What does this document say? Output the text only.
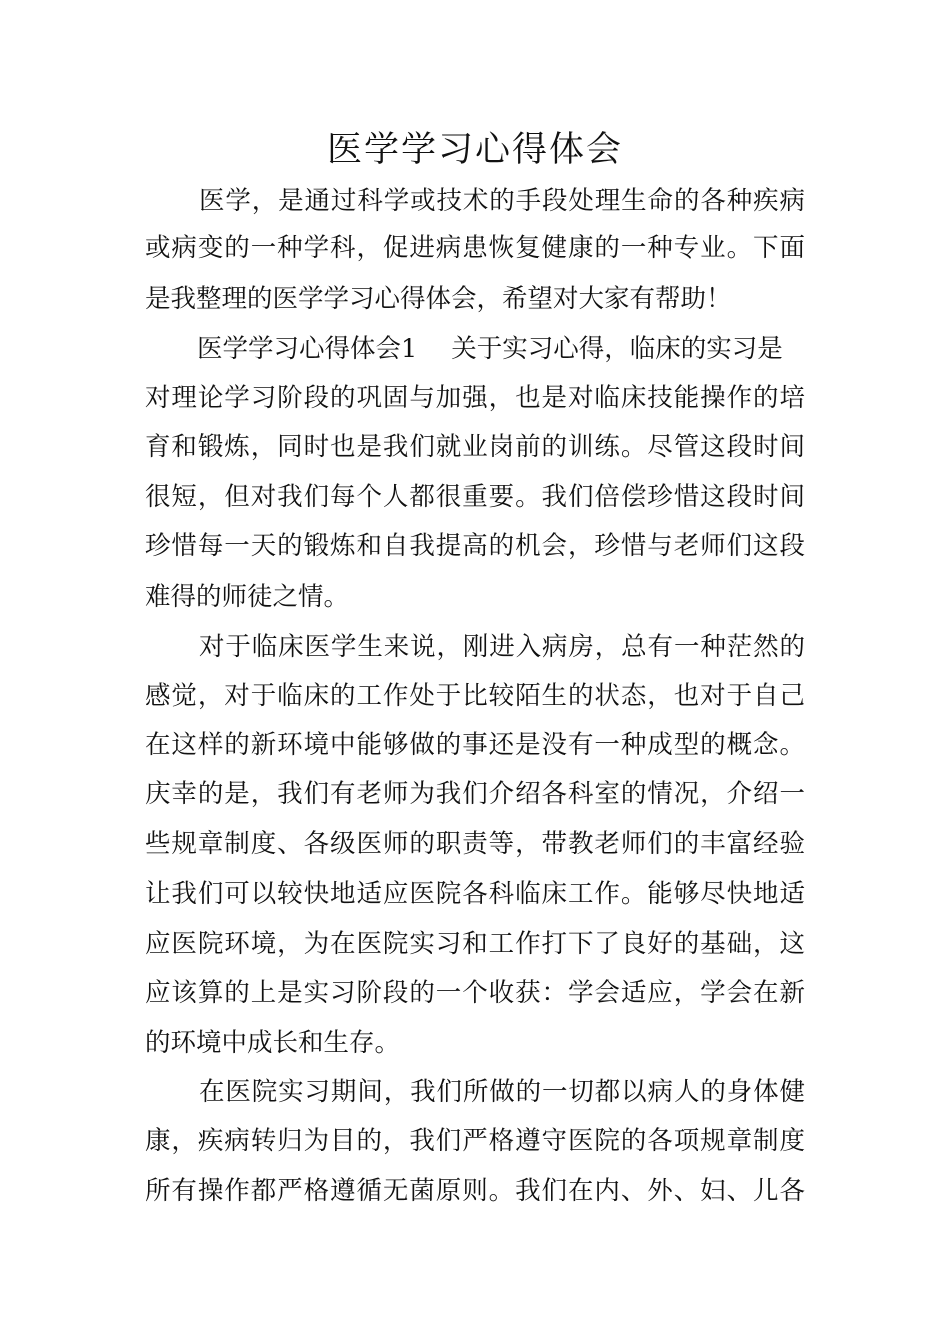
医学学习心得体会
医学，是通过科学或技术的手段处理生命的各种疾病
或病变的一种学科，促进病患恢复健康的一种专业。下面
是我整理的医学学习心得体会，希望对大家有帮助！
医学学习心得体会1 关于实习心得，临床的实习是
对理论学习阶段的巩固与加强，也是对临床技能操作的培
育和锻炼，同时也是我们就业岗前的训练。尽管这段时间
很短，但对我们每个人都很重要。我们倍偿珍惜这段时间
珍惜每一天的锻炼和自我提高的机会，珍惜与老师们这段
难得的师徒之情。
对于临床医学生来说，刚进入病房，总有一种茫然的
感觉，对于临床的工作处于比较陌生的状态，也对于自己
在这样的新环境中能够做的事还是没有一种成型的概念。
庆幸的是，我们有老师为我们介绍各科室的情况，介绍一
些规章制度、各级医师的职责等，带教老师们的丰富经验
让我们可以较快地适应医院各科临床工作。能够尽快地适
应医院环境，为在医院实习和工作打下了良好的基础，这
应该算的上是实习阶段的一个收获：学会适应，学会在新
的环境中成长和生存。
在医院实习期间，我们所做的一切都以病人的身体健
康，疾病转归为目的，我们严格遵守医院的各项规章制度
所有操作都严格遵循无菌原则。我们在内、外、妇、儿各
